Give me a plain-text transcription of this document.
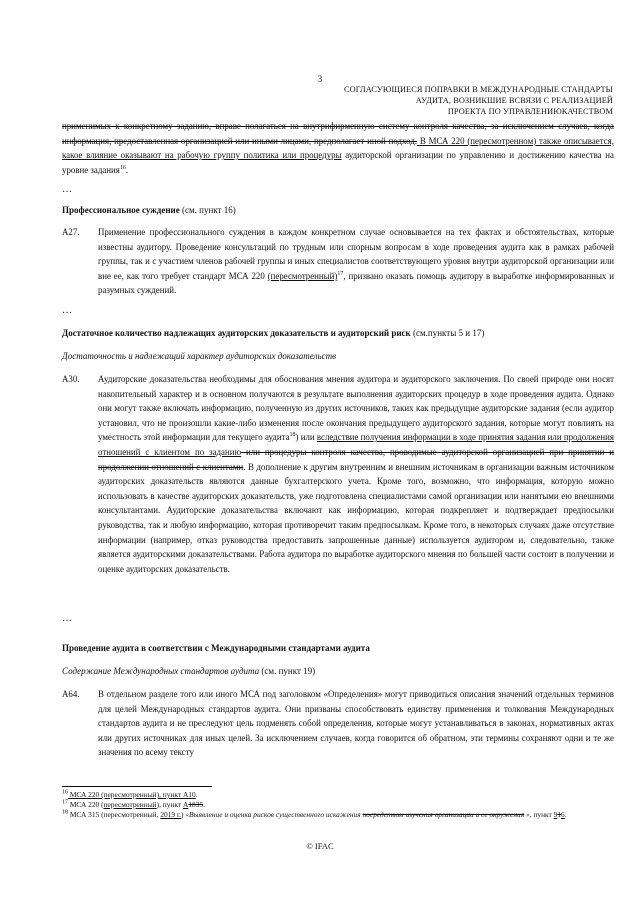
3
СОГЛАСУЮЩИЕСЯ ПОПРАВКИ В МЕЖДУНАРОДНЫЕ СТАНДАРТЫ
АУДИТА, ВОЗНИКШИЕ ВСВЯЗИ С РЕАЛИЗАЦИЕЙ
ПРОЕКТА ПО УПРАВЛЕНИЮКАЧЕСТВОМ
применимых к конкретному заданию, вправе полагаться на внутрифирменную систему контроля качества, за исключением случаев, когда информация, предоставленная организацией или иными лицами, предполагает иной подход. В МСА 220 (пересмотренном) также описывается, какое влияние оказывают на рабочую группу политика или процедуры аудиторской организации по управлению и достижению качества на уровне задания$^{16}$.
…
Профессиональное суждение (см. пункт 16)
A27. Применение профессионального суждения в каждом конкретном случае основывается на тех фактах и обстоятельствах, которые известны аудитору. Проведение консультаций по трудным или спорным вопросам в ходе проведения аудита как в рамках рабочей группы, так и с участием членов рабочей группы и иных специалистов соответствующего уровня внутри аудиторской организации или вне ее, как того требует стандарт МСА 220 (пересмотренный)$^{17}$, призвано оказать помощь аудитору в выработке информированных и разумных суждений.
…
Достаточное количество надлежащих аудиторских доказательств и аудиторский риск (см.пункты 5 и 17)
Достаточность и надлежащий характер аудиторских доказательств
A30. Аудиторские доказательства необходимы для обоснования мнения аудитора и аудиторского заключения. По своей природе они носят накопительный характер и в основном получаются в результате выполнения аудиторских процедур в ходе проведения аудита. Однако они могут также включать информацию, полученную из других источников, таких как предыдущие аудиторские задания (если аудитор установил, что не произошли какие-либо изменения после окончания предыдущего аудиторского задания, которые могут повлиять на уместность этой информации для текущего аудита$^{18}$) или вследствие получения информации в ходе принятия задания или продолжения отношений с клиентом по заданию или процедуры контроля качества, проводимые аудиторской организацией при принятии и продолжении отношений с клиентами. В дополнение к другим внутренним и внешним источникам в организации важным источником аудиторских доказательств являются данные бухгалтерского учета. Кроме того, возможно, что информация, которую можно использовать в качестве аудиторских доказательств, уже подготовлена специалистами самой организации или нанятыми ею внешними консультантами. Аудиторские доказательства включают как информацию, которая подкрепляет и подтверждает предпосылки руководства, так и любую информацию, которая противоречит таким предпосылкам. Кроме того, в некоторых случаях даже отсутствие информации (например, отказ руководства предоставить запрошенные данные) используется аудитором и, следовательно, также является аудиторскими доказательствами. Работа аудитора по выработке аудиторского мнения по большей части состоит в получении и оценке аудиторских доказательств.
…
Проведение аудита в соответствии с Международными стандартами аудита
Содержание Международных стандартов аудита (см. пункт 19)
A64. В отдельном разделе того или иного МСА под заголовком «Определения» могут приводиться описания значений отдельных терминов для целей Международных стандартов аудита. Они призваны способствовать единству применения и толкования Международных стандартов аудита и не преследуют цель подменять собой определения, которые могут устанавливаться в законах, нормативных актах или других источниках для иных целей. За исключением случаев, когда говорится об обратном, эти термины сохраняют одни и те же значения по всему тексту
$^{16}$ МСА 220 (пересмотренный), пункт А10.
$^{17}$ МСА 220 (пересмотренный), пункт A1835.
$^{18}$ МСА 315 (пересмотренный, 2019 г.) «Выявление и оценка рисков существенного искажения посредством изучения организации и ее окружения », пункт 916.
© IFAC
